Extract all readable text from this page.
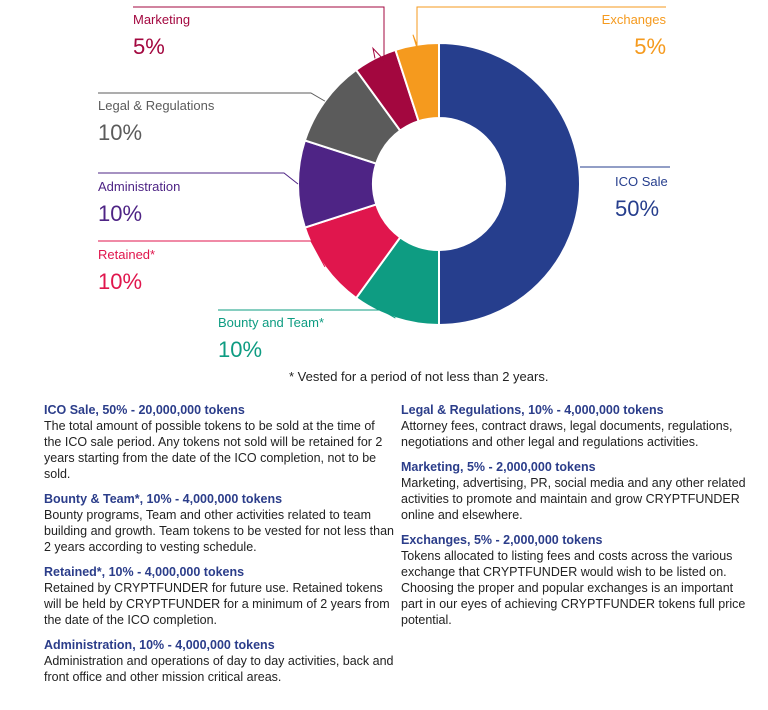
ICO Sale
50%
Bounty and Team*
10%
Retained*
10%
Administration
10%
Legal & Regulations
10%
Marketing
5%
Exchanges
5%
* Vested for a period of not less than 2 years.
ICO Sale, 50% - 20,000,000 tokens
The total amount of possible tokens to be sold at the time of the ICO sale period. Any tokens not sold will be retained for 2 years starting from the date of the ICO completion, not to be sold.
Bounty & Team*, 10% - 4,000,000 tokens
Bounty programs, Team and other activities related to team building and growth. Team tokens to be vested for not less than 2 years according to vesting schedule.
Retained*, 10% - 4,000,000 tokens
Retained by CRYPTFUNDER for future use. Retained tokens will be held by CRYPTFUNDER for a minimum of 2 years from the date of the ICO completion.
Administration, 10% - 4,000,000 tokens
Administration and operations of day to day activities, back and front office and other mission critical areas.
Legal & Regulations, 10% - 4,000,000 tokens
Attorney fees, contract draws, legal documents, regulations, negotiations and other legal and regulations activities.
Marketing, 5% - 2,000,000 tokens
Marketing, advertising, PR, social media and any other related activities to promote and maintain and grow CRYPTFUNDER online and elsewhere.
Exchanges, 5% - 2,000,000 tokens
Tokens allocated to listing fees and costs across the various exchange that CRYPTFUNDER would wish to be listed on. Choosing the proper and popular exchanges is an important part in our eyes of achieving CRYPTFUNDER tokens full price potential.
